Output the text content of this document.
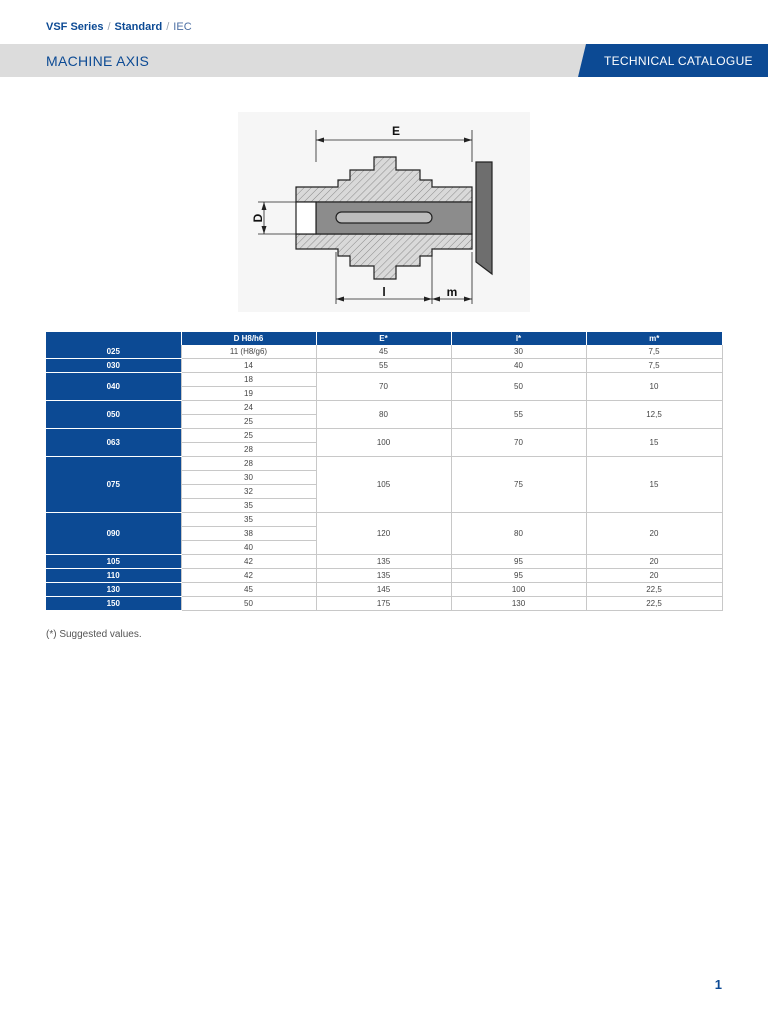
VSF Series / Standard / IEC
MACHINE AXIS	TECHNICAL CATALOGUE
E
D
l	m
	D H8/h6	E*	l*	m*
025	11 (H8/g6)	45	30	7,5
030	14	55	40	7,5
040	18	70	50	10
	19			
050	24	80	55	12,5
	25			
063	25	100	70	15
	28			
075	28	105	75	15
	30			
	32			
	35			
090	35	120	80	20
	38			
	40			
105	42	135	95	20
110	42	135	95	20
130	45	145	100	22,5
150	50	175	130	22,5
(*) Suggested values.
1
